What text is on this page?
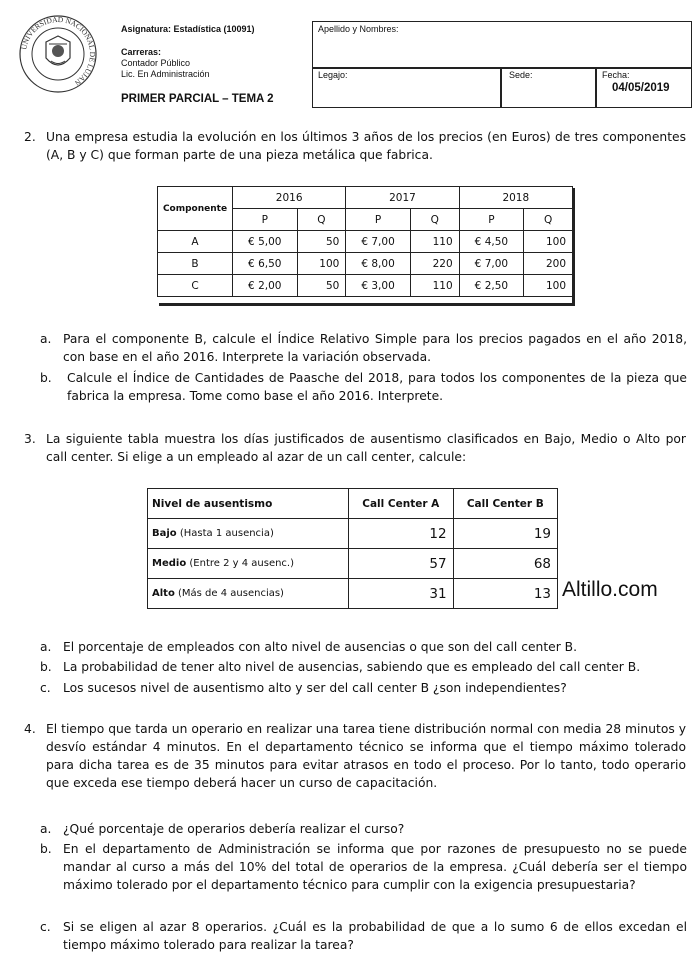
UNIVERSIDAD NACIONAL DE LUJAN
Asignatura: Estadística (10091)
Carreras:
Contador Público
Lic. En Administración
PRIMER PARCIAL – TEMA 2
Apellido y Nombres:
Legajo:	Sede:	Fecha:
04/05/2019
2. Una empresa estudia la evolución en los últimos 3 años de los precios (en Euros) de tres componentes (A, B y C) que forman parte de una pieza metálica que fabrica.
Componente	2016		2017		2018	
	P	Q	P	Q	P	Q
A	€ 5,00	50	€ 7,00	110	€ 4,50	100
B	€ 6,50	100	€ 8,00	220	€ 7,00	200
C	€ 2,00	50	€ 3,00	110	€ 2,50	100
a. Para el componente B, calcule el Índice Relativo Simple para los precios pagados en el año 2018, con base en el año 2016. Interprete la variación observada.
b. Calcule el Índice de Cantidades de Paasche del 2018, para todos los componentes de la pieza que fabrica la empresa. Tome como base el año 2016. Interprete.
3. La siguiente tabla muestra los días justificados de ausentismo clasificados en Bajo, Medio o Alto por call center. Si elige a un empleado al azar de un call center, calcule:
Nivel de ausentismo	Call Center A	Call Center B
Bajo (Hasta 1 ausencia)	12	19
Medio (Entre 2 y 4 ausenc.)	57	68
Alto (Más de 4 ausencias)	31	13 Altillo.com
a. El porcentaje de empleados con alto nivel de ausencias o que son del call center B.
b. La probabilidad de tener alto nivel de ausencias, sabiendo que es empleado del call center B.
c. Los sucesos nivel de ausentismo alto y ser del call center B ¿son independientes?
4. El tiempo que tarda un operario en realizar una tarea tiene distribución normal con media 28 minutos y desvío estándar 4 minutos. En el departamento técnico se informa que el tiempo máximo tolerado para dicha tarea es de 35 minutos para evitar atrasos en todo el proceso. Por lo tanto, todo operario que exceda ese tiempo deberá hacer un curso de capacitación.
a. ¿Qué porcentaje de operarios debería realizar el curso?
b. En el departamento de Administración se informa que por razones de presupuesto no se puede mandar al curso a más del 10% del total de operarios de la empresa. ¿Cuál debería ser el tiempo máximo tolerado por el departamento técnico para cumplir con la exigencia presupuestaria?
c. Si se eligen al azar 8 operarios. ¿Cuál es la probabilidad de que a lo sumo 6 de ellos excedan el tiempo máximo tolerado para realizar la tarea?
